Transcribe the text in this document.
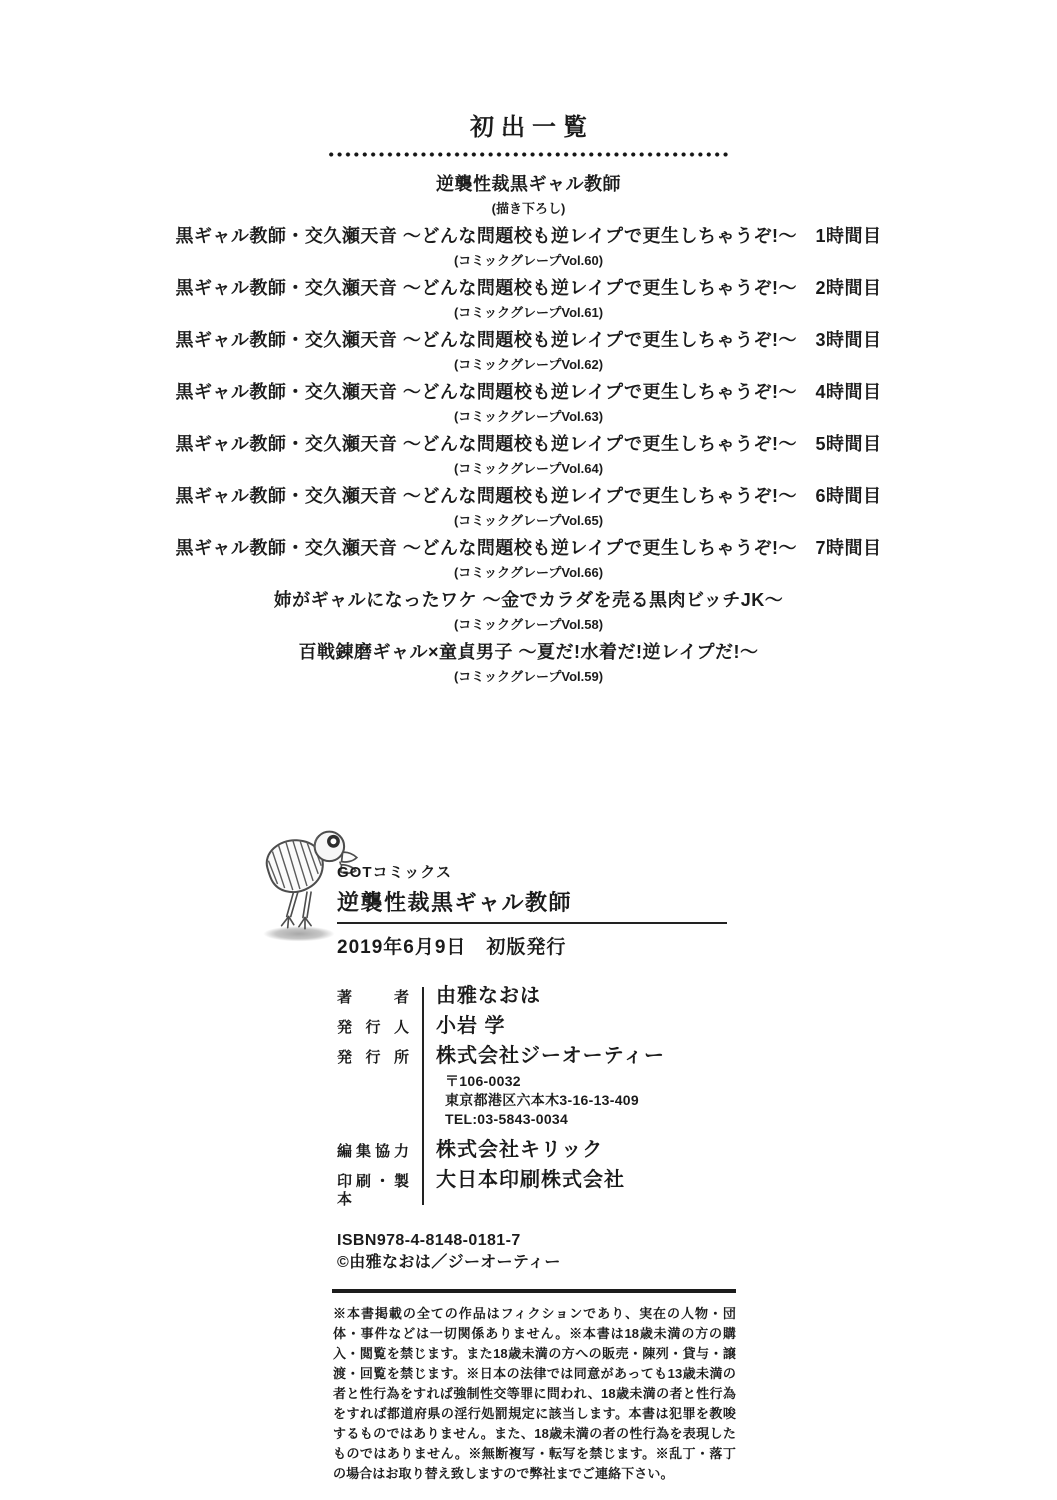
初出一覧
逆襲性裁黒ギャル教師
(描き下ろし)
黒ギャル教師・交久瀬天音 ～どんな問題校も逆レイプで更生しちゃうぞ!～　1時間目
(コミックグレープVol.60)
黒ギャル教師・交久瀬天音 ～どんな問題校も逆レイプで更生しちゃうぞ!～　2時間目
(コミックグレープVol.61)
黒ギャル教師・交久瀬天音 ～どんな問題校も逆レイプで更生しちゃうぞ!～　3時間目
(コミックグレープVol.62)
黒ギャル教師・交久瀬天音 ～どんな問題校も逆レイプで更生しちゃうぞ!～　4時間目
(コミックグレープVol.63)
黒ギャル教師・交久瀬天音 ～どんな問題校も逆レイプで更生しちゃうぞ!～　5時間目
(コミックグレープVol.64)
黒ギャル教師・交久瀬天音 ～どんな問題校も逆レイプで更生しちゃうぞ!～　6時間目
(コミックグレープVol.65)
黒ギャル教師・交久瀬天音 ～どんな問題校も逆レイプで更生しちゃうぞ!～　7時間目
(コミックグレープVol.66)
姉がギャルになったワケ ～金でカラダを売る黒肉ビッチJK～
(コミックグレープVol.58)
百戦錬磨ギャル×童貞男子 ～夏だ!水着だ!逆レイプだ!～
(コミックグレープVol.59)
GOTコミックス
逆襲性裁黒ギャル教師
2019年6月9日　初版発行
著 者 由雅なおは
発 行 人 小岩 学
発 行 所 株式会社ジーオーティー
〒106-0032
東京都港区六本木3-16-13-409
TEL:03-5843-0034
編集協力 株式会社キリック
印刷・製本
大日本印刷株式会社
ISBN978-4-8148-0181-7
©由雅なおは／ジーオーティー

※本書掲載の全ての作品はフィクションであり、実在の人物・団体・事件などは一切関係ありません。※本書は18歳未満の方の購入・閲覧を禁じます。また18歳未満の方への販売・陳列・貸与・譲渡・回覧を禁じます。※日本の法律では同意があっても13歳未満の者と性行為をすれば強制性交等罪に問われ、18歳未満の者と性行為をすれば都道府県の淫行処罰規定に該当します。本書は犯罪を教唆するものではありません。また、18歳未満の者の性行為を表現したものではありません。※無断複写・転写を禁じます。※乱丁・落丁の場合はお取り替え致しますので弊社までご連絡下さい。
